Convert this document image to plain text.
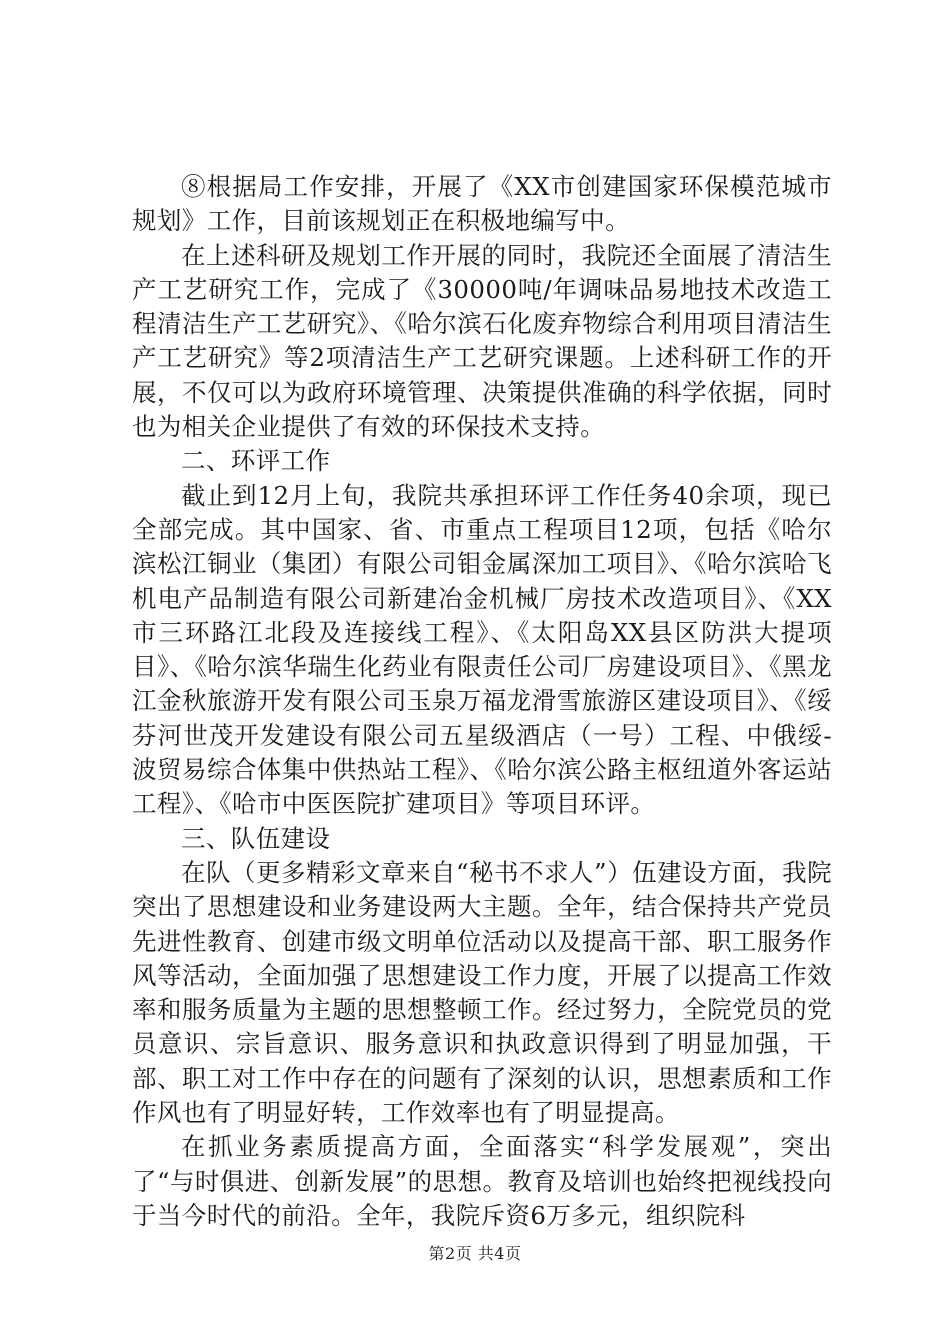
⑧根据局工作安排，开展了《XX市创建国家环保模范城市规划》工作，目前该规划正在积极地编写中。

在上述科研及规划工作开展的同时，我院还全面展了清洁生产工艺研究工作，完成了《30000吨/年调味品易地技术改造工程清洁生产工艺研究》、《哈尔滨石化废弃物综合利用项目清洁生产工艺研究》等2项清洁生产工艺研究课题。上述科研工作的开展，不仅可以为政府环境管理、决策提供准确的科学依据，同时也为相关企业提供了有效的环保技术支持。

二、环评工作

截止到12月上旬，我院共承担环评工作任务40余项，现已全部完成。其中国家、省、市重点工程项目12项，包括《哈尔滨松江铜业（集团）有限公司钼金属深加工项目》、《哈尔滨哈飞机电产品制造有限公司新建冶金机械厂房技术改造项目》、《XX市三环路江北段及连接线工程》、《太阳岛XX县区防洪大提项目》、《哈尔滨华瑞生化药业有限责任公司厂房建设项目》、《黑龙江金秋旅游开发有限公司玉泉万福龙滑雪旅游区建设项目》、《绥芬河世茂开发建设有限公司五星级酒店（一号）工程、中俄绥-波贸易综合体集中供热站工程》、《哈尔滨公路主枢纽道外客运站工程》、《哈市中医医院扩建项目》等项目环评。

三、队伍建设

在队（更多精彩文章来自“秘书不求人”）伍建设方面，我院突出了思想建设和业务建设两大主题。全年，结合保持共产党员先进性教育、创建市级文明单位活动以及提高干部、职工服务作风等活动，全面加强了思想建设工作力度，开展了以提高工作效率和服务质量为主题的思想整顿工作。经过努力，全院党员的党员意识、宗旨意识、服务意识和执政意识得到了明显加强，干部、职工对工作中存在的问题有了深刻的认识，思想素质和工作作风也有了明显好转，工作效率也有了明显提高。

在抓业务素质提高方面，全面落实“科学发展观”，突出了“与时俱进、创新发展”的思想。教育及培训也始终把视线投向于当今时代的前沿。全年，我院斥资6万多元，组织院科

第2页 共4页
